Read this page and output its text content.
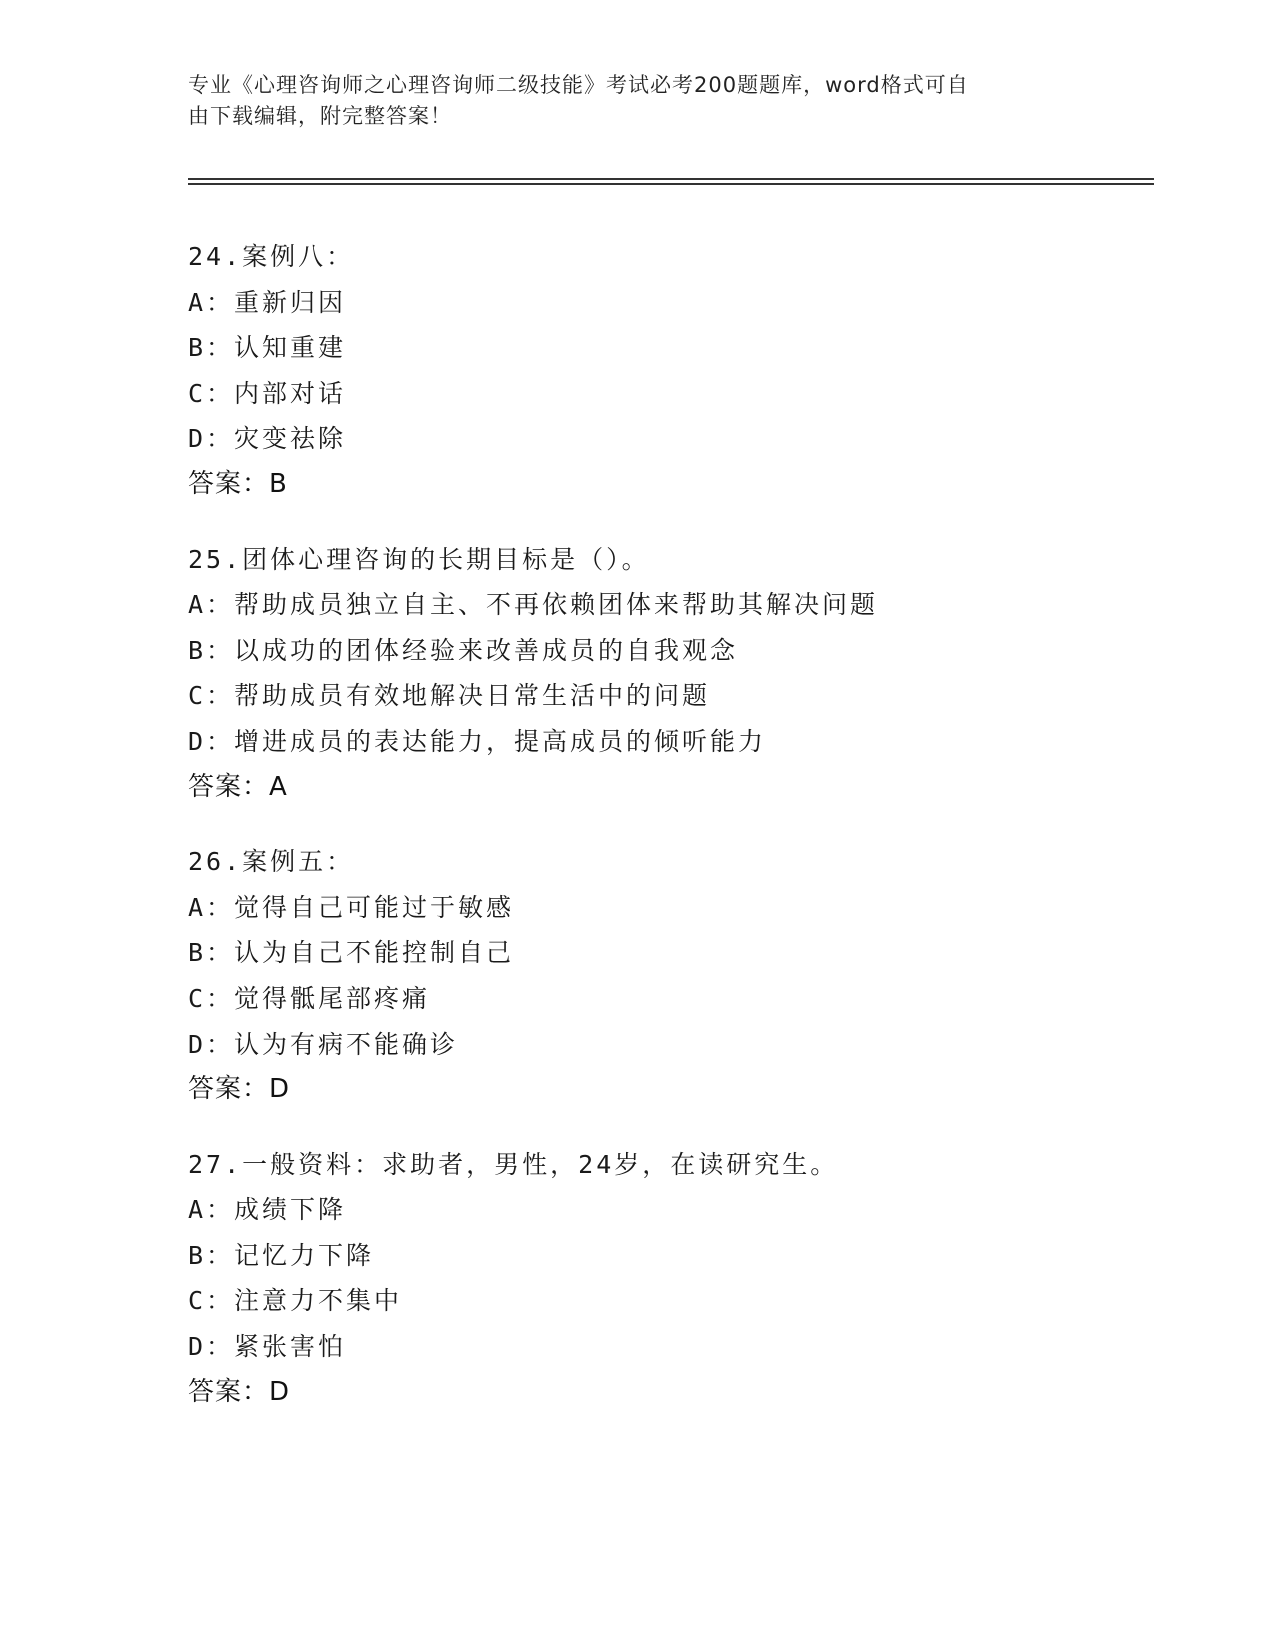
专业《心理咨询师之心理咨询师二级技能》考试必考200题题库，word格式可自

由下载编辑，附完整答案！

24.案例八：
A：重新归因
B：认知重建
C：内部对话
D：灾变祛除
答案：B
25.团体心理咨询的长期目标是（）。
A：帮助成员独立自主、不再依赖团体来帮助其解决问题
B：以成功的团体经验来改善成员的自我观念
C：帮助成员有效地解决日常生活中的问题
D：增进成员的表达能力，提高成员的倾听能力
答案：A
26.案例五：
A：觉得自己可能过于敏感
B：认为自己不能控制自己
C：觉得骶尾部疼痛
D：认为有病不能确诊
答案：D
27.一般资料：求助者，男性，24岁，在读研究生。
A：成绩下降
B：记忆力下降
C：注意力不集中
D：紧张害怕
答案：D
